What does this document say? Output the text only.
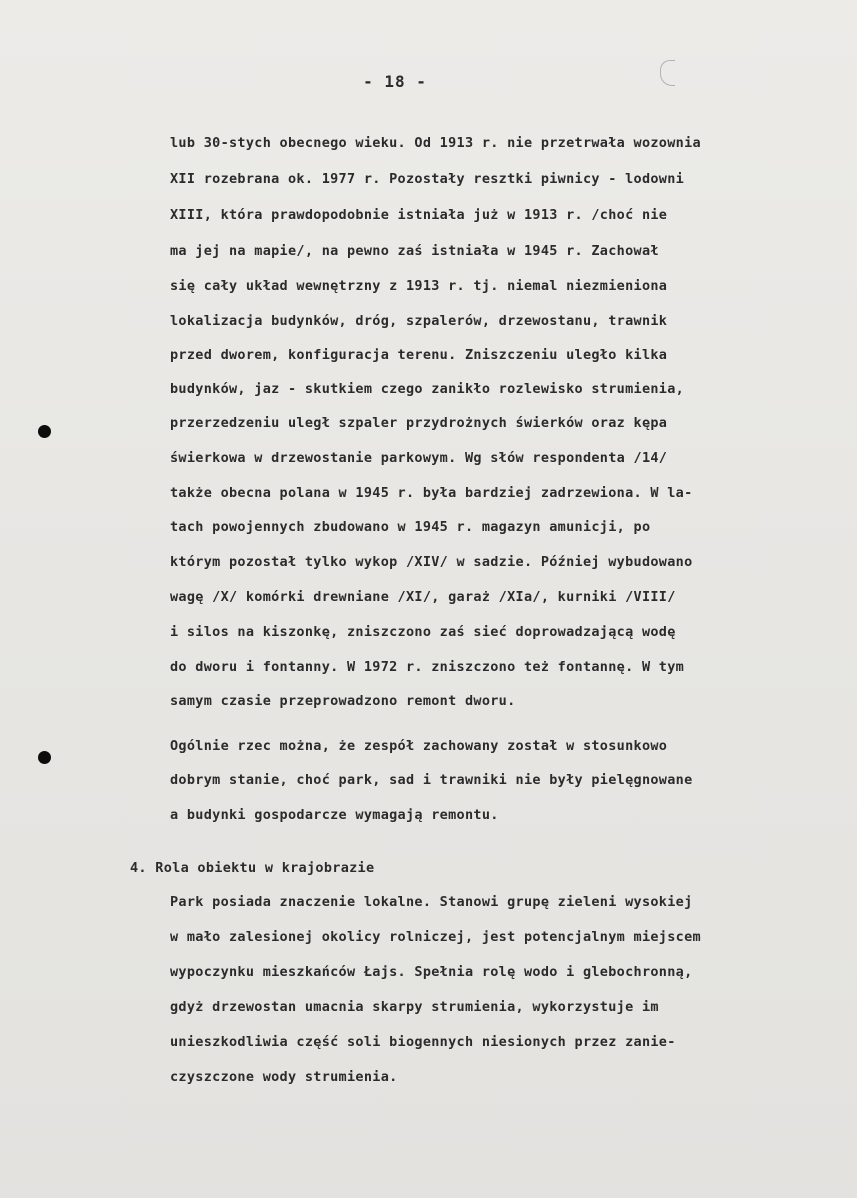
- 18 -
lub 30-stych obecnego wieku. Od 1913 r. nie przetrwała wozownia
XII rozebrana ok. 1977 r. Pozostały resztki piwnicy - lodowni
XIII, która prawdopodobnie istniała już w 1913 r. /choć nie
ma jej na mapie/, na pewno zaś istniała w 1945 r. Zachował
się cały układ wewnętrzny z 1913 r. tj. niemal niezmieniona
lokalizacja budynków, dróg, szpalerów, drzewostanu, trawnik
przed dworem, konfiguracja terenu. Zniszczeniu uległo kilka
budynków, jaz - skutkiem czego zanikło rozlewisko strumienia,
przerzedzeniu uległ szpaler przydrożnych świerków oraz kępa
świerkowa w drzewostanie parkowym. Wg słów respondenta /14/
także obecna polana w 1945 r. była bardziej zadrzewiona. W la-
tach powojennych zbudowano w 1945 r. magazyn amunicji, po
którym pozostał tylko wykop /XIV/ w sadzie. Później wybudowano
wagę /X/ komórki drewniane /XI/, garaż /XIa/, kurniki /VIII/
i silos na kiszonkę, zniszczono zaś sieć doprowadzającą wodę
do dworu i fontanny. W 1972 r. zniszczono też fontannę. W tym
samym czasie przeprowadzono remont dworu.
Ogólnie rzec można, że zespół zachowany został w stosunkowo
dobrym stanie, choć park, sad i trawniki nie były pielęgnowane
a budynki gospodarcze wymagają remontu.
4. Rola obiektu w krajobrazie
Park posiada znaczenie lokalne. Stanowi grupę zieleni wysokiej
w mało zalesionej okolicy rolniczej, jest potencjalnym miejscem
wypoczynku mieszkańców Łajs. Spełnia rolę wodo i glebochronną,
gdyż drzewostan umacnia skarpy strumienia, wykorzystuje im
unieszkodliwia część soli biogennych niesionych przez zanie-
czyszczone wody strumienia.
